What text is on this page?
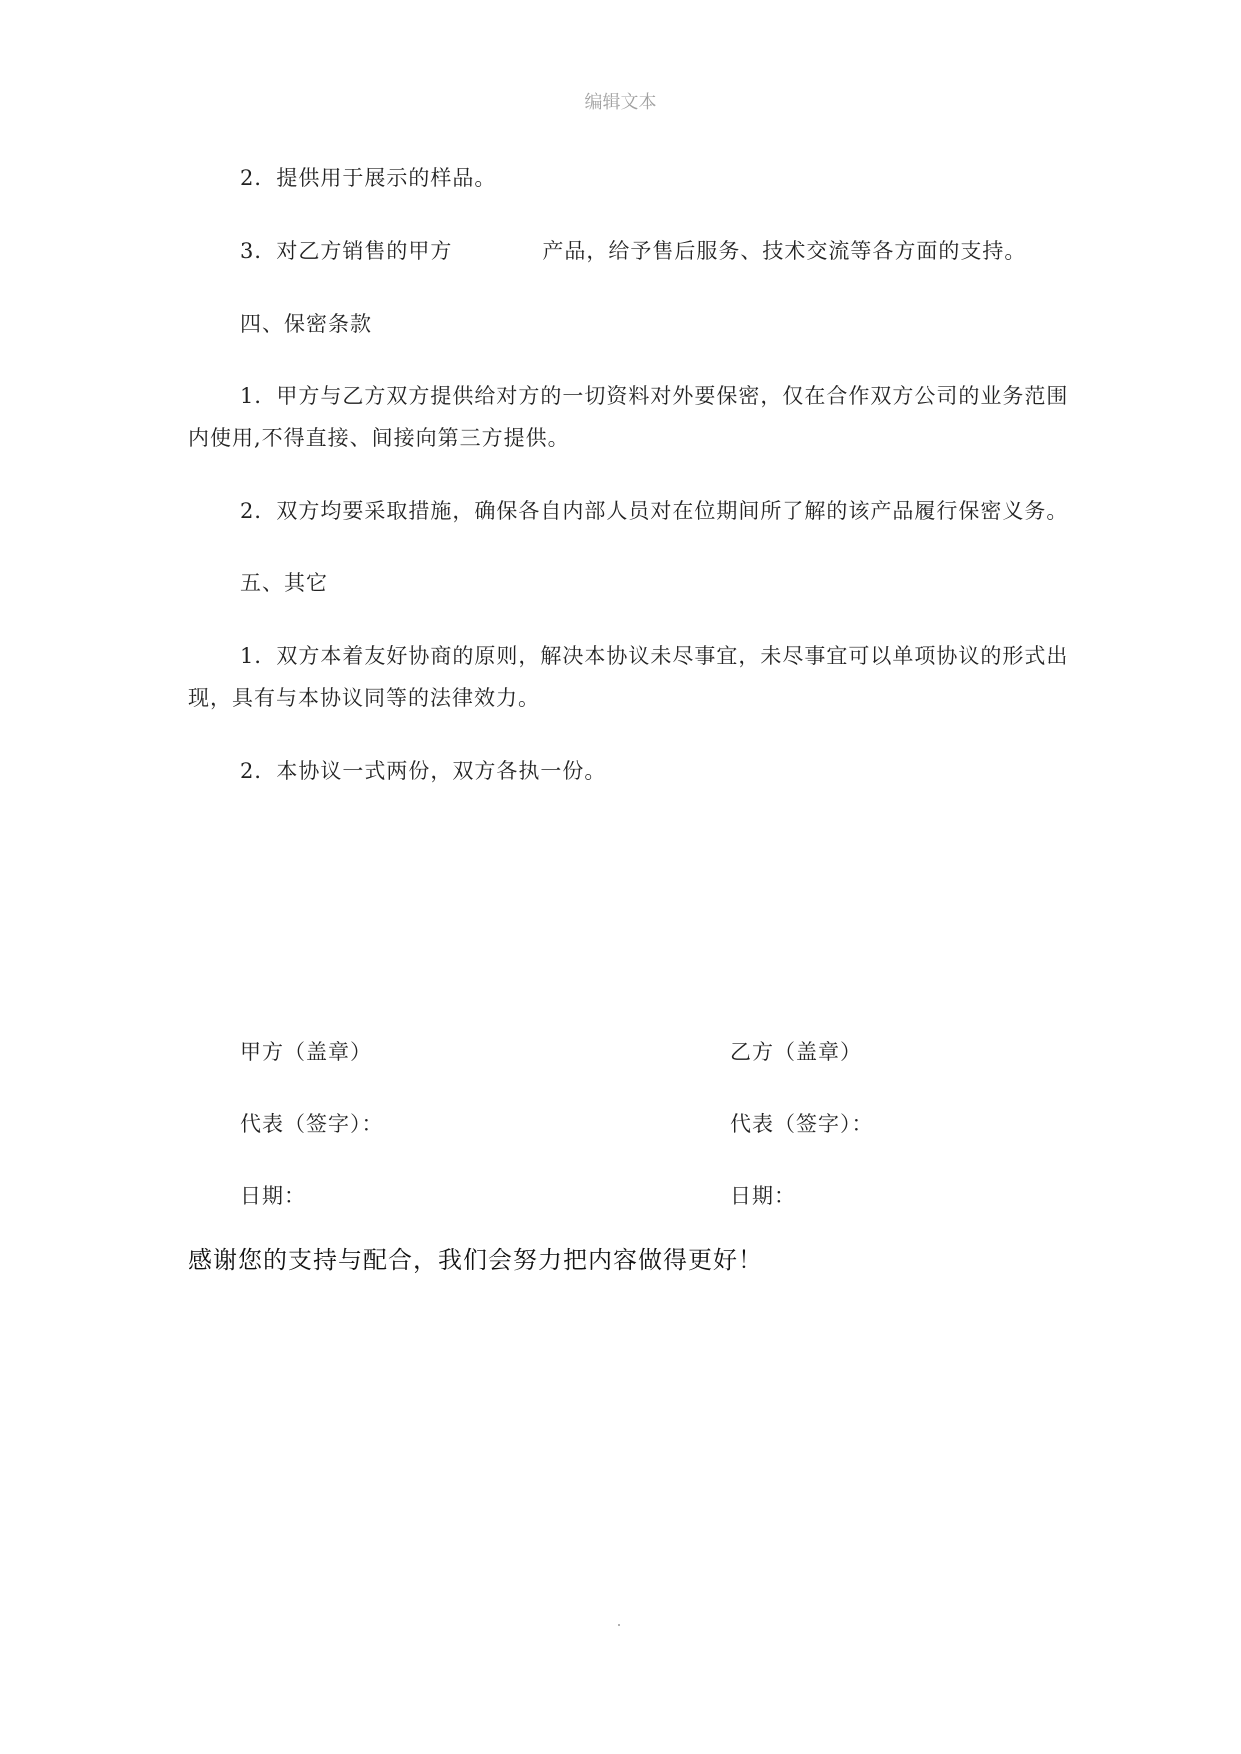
编辑文本
2．提供用于展示的样品。
3．对乙方销售的甲方	产品，给予售后服务、技术交流等各方面的支持。
四、保密条款
1．甲方与乙方双方提供给对方的一切资料对外要保密，仅在合作双方公司的业务范围
内使用,不得直接、间接向第三方提供。
2．双方均要采取措施，确保各自内部人员对在位期间所了解的该产品履行保密义务。
五、其它
1．双方本着友好协商的原则，解决本协议未尽事宜，未尽事宜可以单项协议的形式出
现，具有与本协议同等的法律效力。
2．本协议一式两份，双方各执一份。
甲方（盖章）	乙方（盖章）
代表（签字）：	代表（签字）：
日期：	日期：
感谢您的支持与配合，我们会努力把内容做得更好！
